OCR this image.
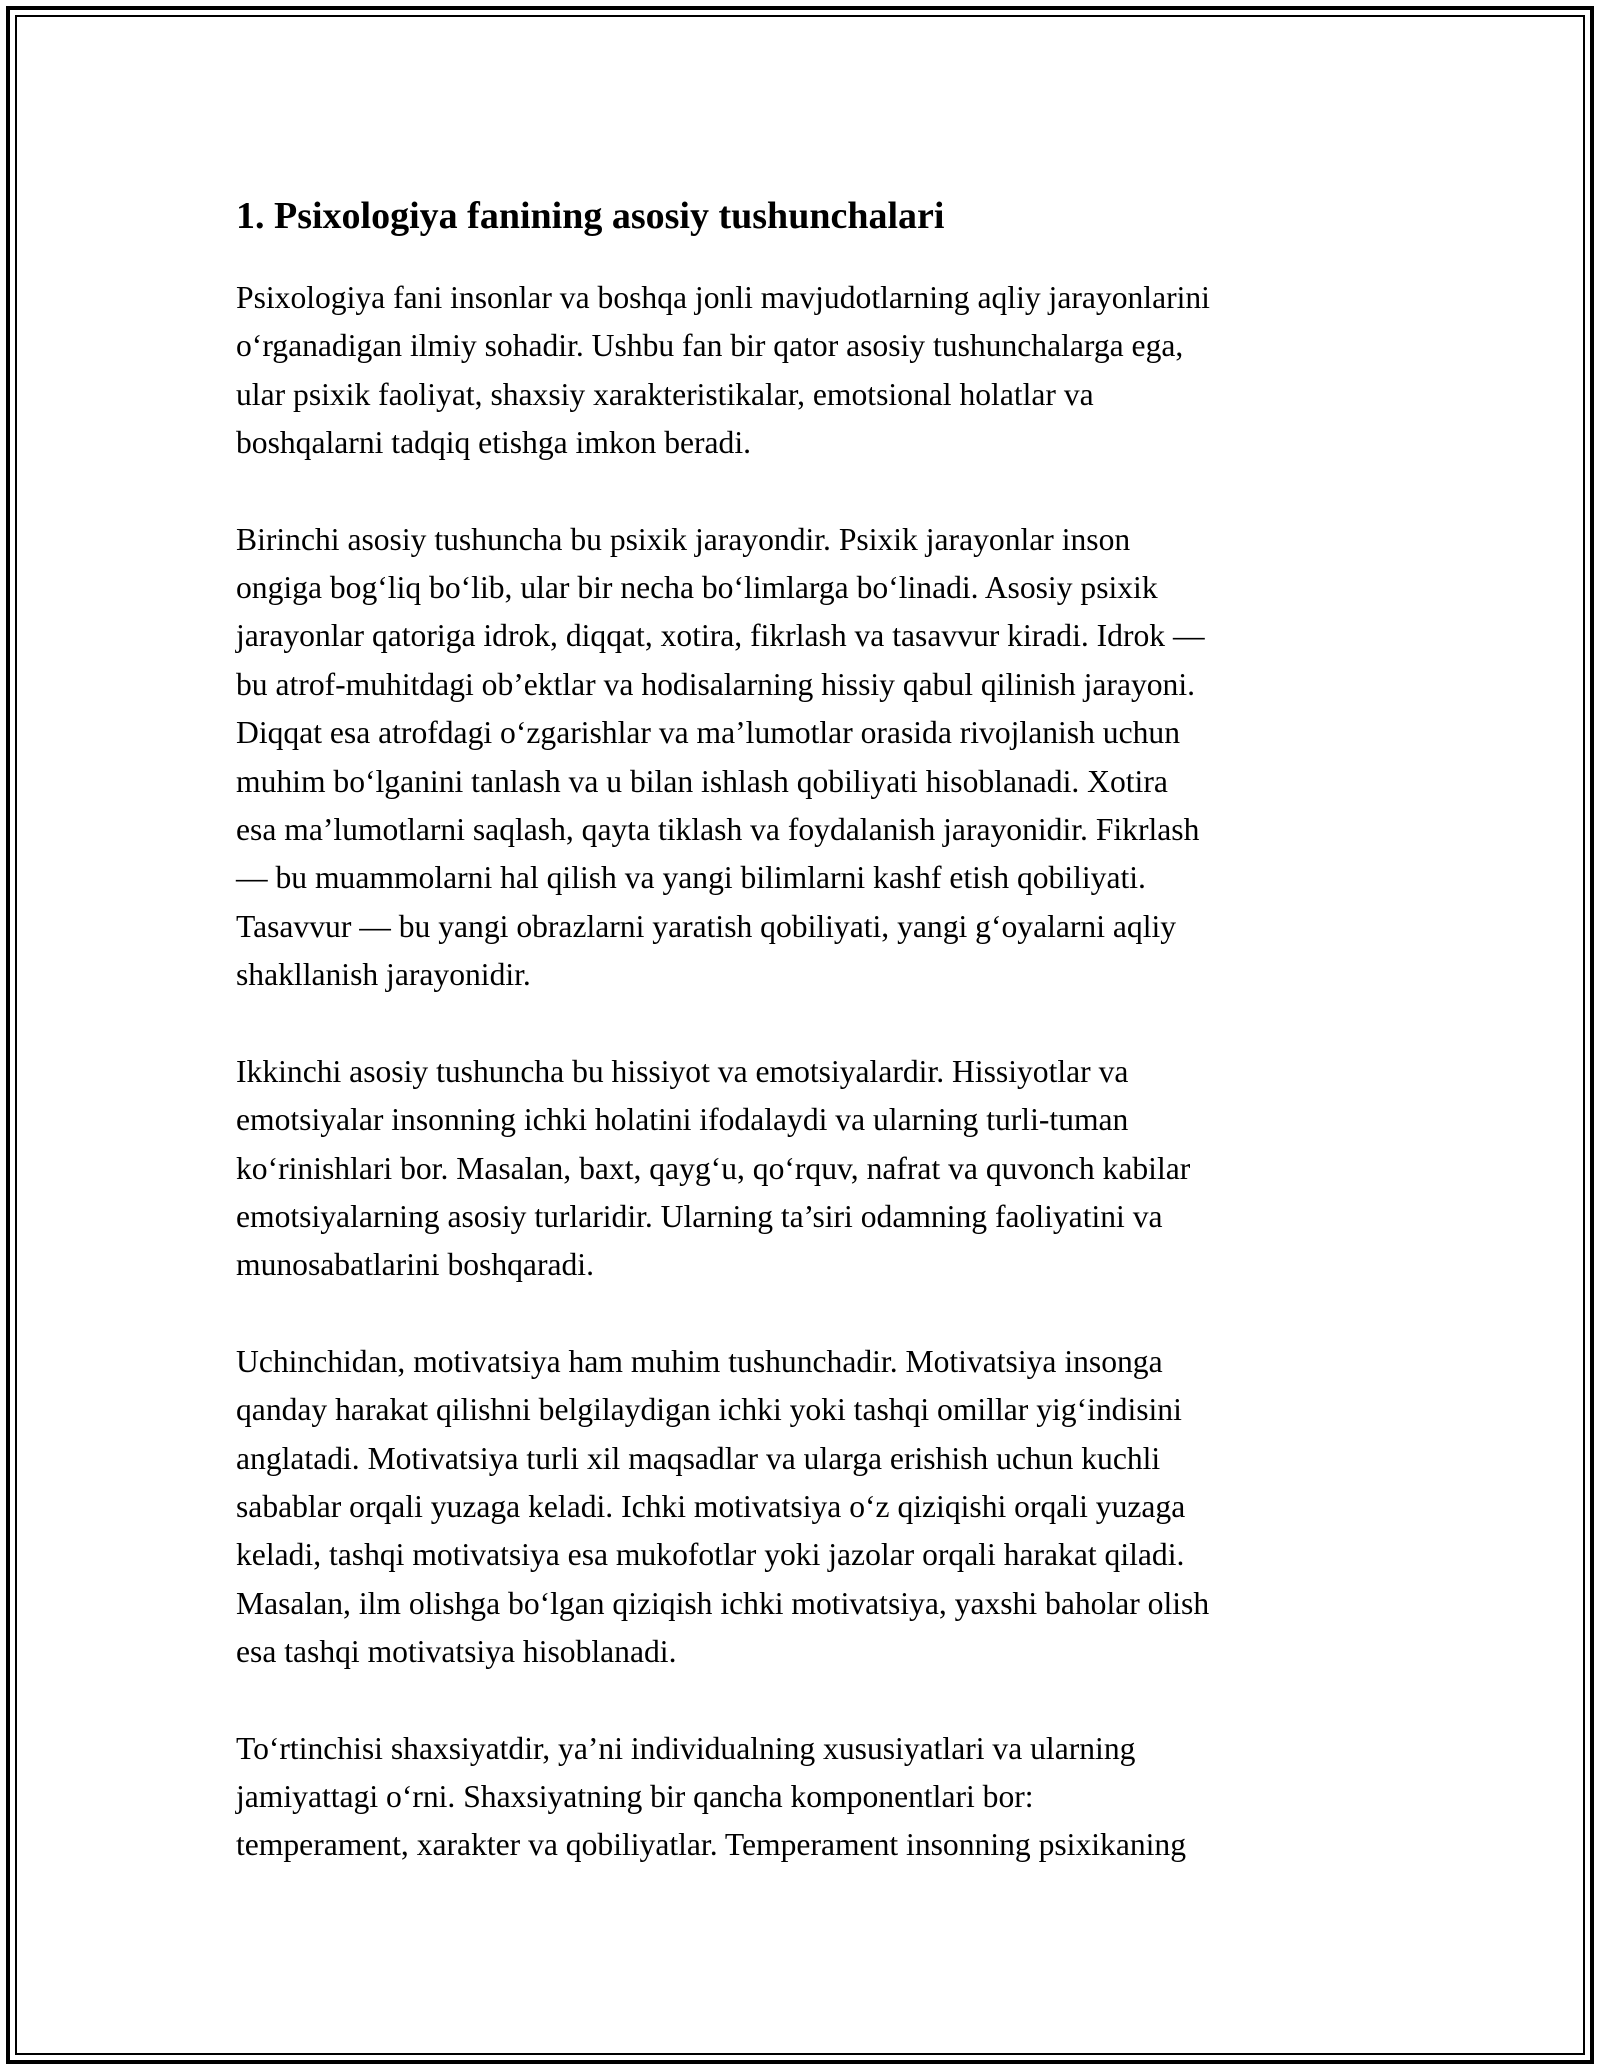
1. Psixologiya fanining asosiy tushunchalari

Psixologiya fani insonlar va boshqa jonli mavjudotlarning aqliy jarayonlarini
o‘rganadigan ilmiy sohadir. Ushbu fan bir qator asosiy tushunchalarga ega,
ular psixik faoliyat, shaxsiy xarakteristikalar, emotsional holatlar va
boshqalarni tadqiq etishga imkon beradi.

Birinchi asosiy tushuncha bu psixik jarayondir. Psixik jarayonlar inson
ongiga bog‘liq bo‘lib, ular bir necha bo‘limlarga bo‘linadi. Asosiy psixik
jarayonlar qatoriga idrok, diqqat, xotira, fikrlash va tasavvur kiradi. Idrok —
bu atrof-muhitdagi ob’ektlar va hodisalarning hissiy qabul qilinish jarayoni.
Diqqat esa atrofdagi o‘zgarishlar va ma’lumotlar orasida rivojlanish uchun
muhim bo‘lganini tanlash va u bilan ishlash qobiliyati hisoblanadi. Xotira
esa ma’lumotlarni saqlash, qayta tiklash va foydalanish jarayonidir. Fikrlash
— bu muammolarni hal qilish va yangi bilimlarni kashf etish qobiliyati.
Tasavvur — bu yangi obrazlarni yaratish qobiliyati, yangi g‘oyalarni aqliy
shakllanish jarayonidir.

Ikkinchi asosiy tushuncha bu hissiyot va emotsiyalardir. Hissiyotlar va
emotsiyalar insonning ichki holatini ifodalaydi va ularning turli-tuman
ko‘rinishlari bor. Masalan, baxt, qayg‘u, qo‘rquv, nafrat va quvonch kabilar
emotsiyalarning asosiy turlaridir. Ularning ta’siri odamning faoliyatini va
munosabatlarini boshqaradi.

Uchinchidan, motivatsiya ham muhim tushunchadir. Motivatsiya insonga
qanday harakat qilishni belgilaydigan ichki yoki tashqi omillar yig‘indisini
anglatadi. Motivatsiya turli xil maqsadlar va ularga erishish uchun kuchli
sabablar orqali yuzaga keladi. Ichki motivatsiya o‘z qiziqishi orqali yuzaga
keladi, tashqi motivatsiya esa mukofotlar yoki jazolar orqali harakat qiladi.
Masalan, ilm olishga bo‘lgan qiziqish ichki motivatsiya, yaxshi baholar olish
esa tashqi motivatsiya hisoblanadi.

To‘rtinchisi shaxsiyatdir, ya’ni individualning xususiyatlari va ularning
jamiyattagi o‘rni. Shaxsiyatning bir qancha komponentlari bor:
temperament, xarakter va qobiliyatlar. Temperament insonning psixikaning
